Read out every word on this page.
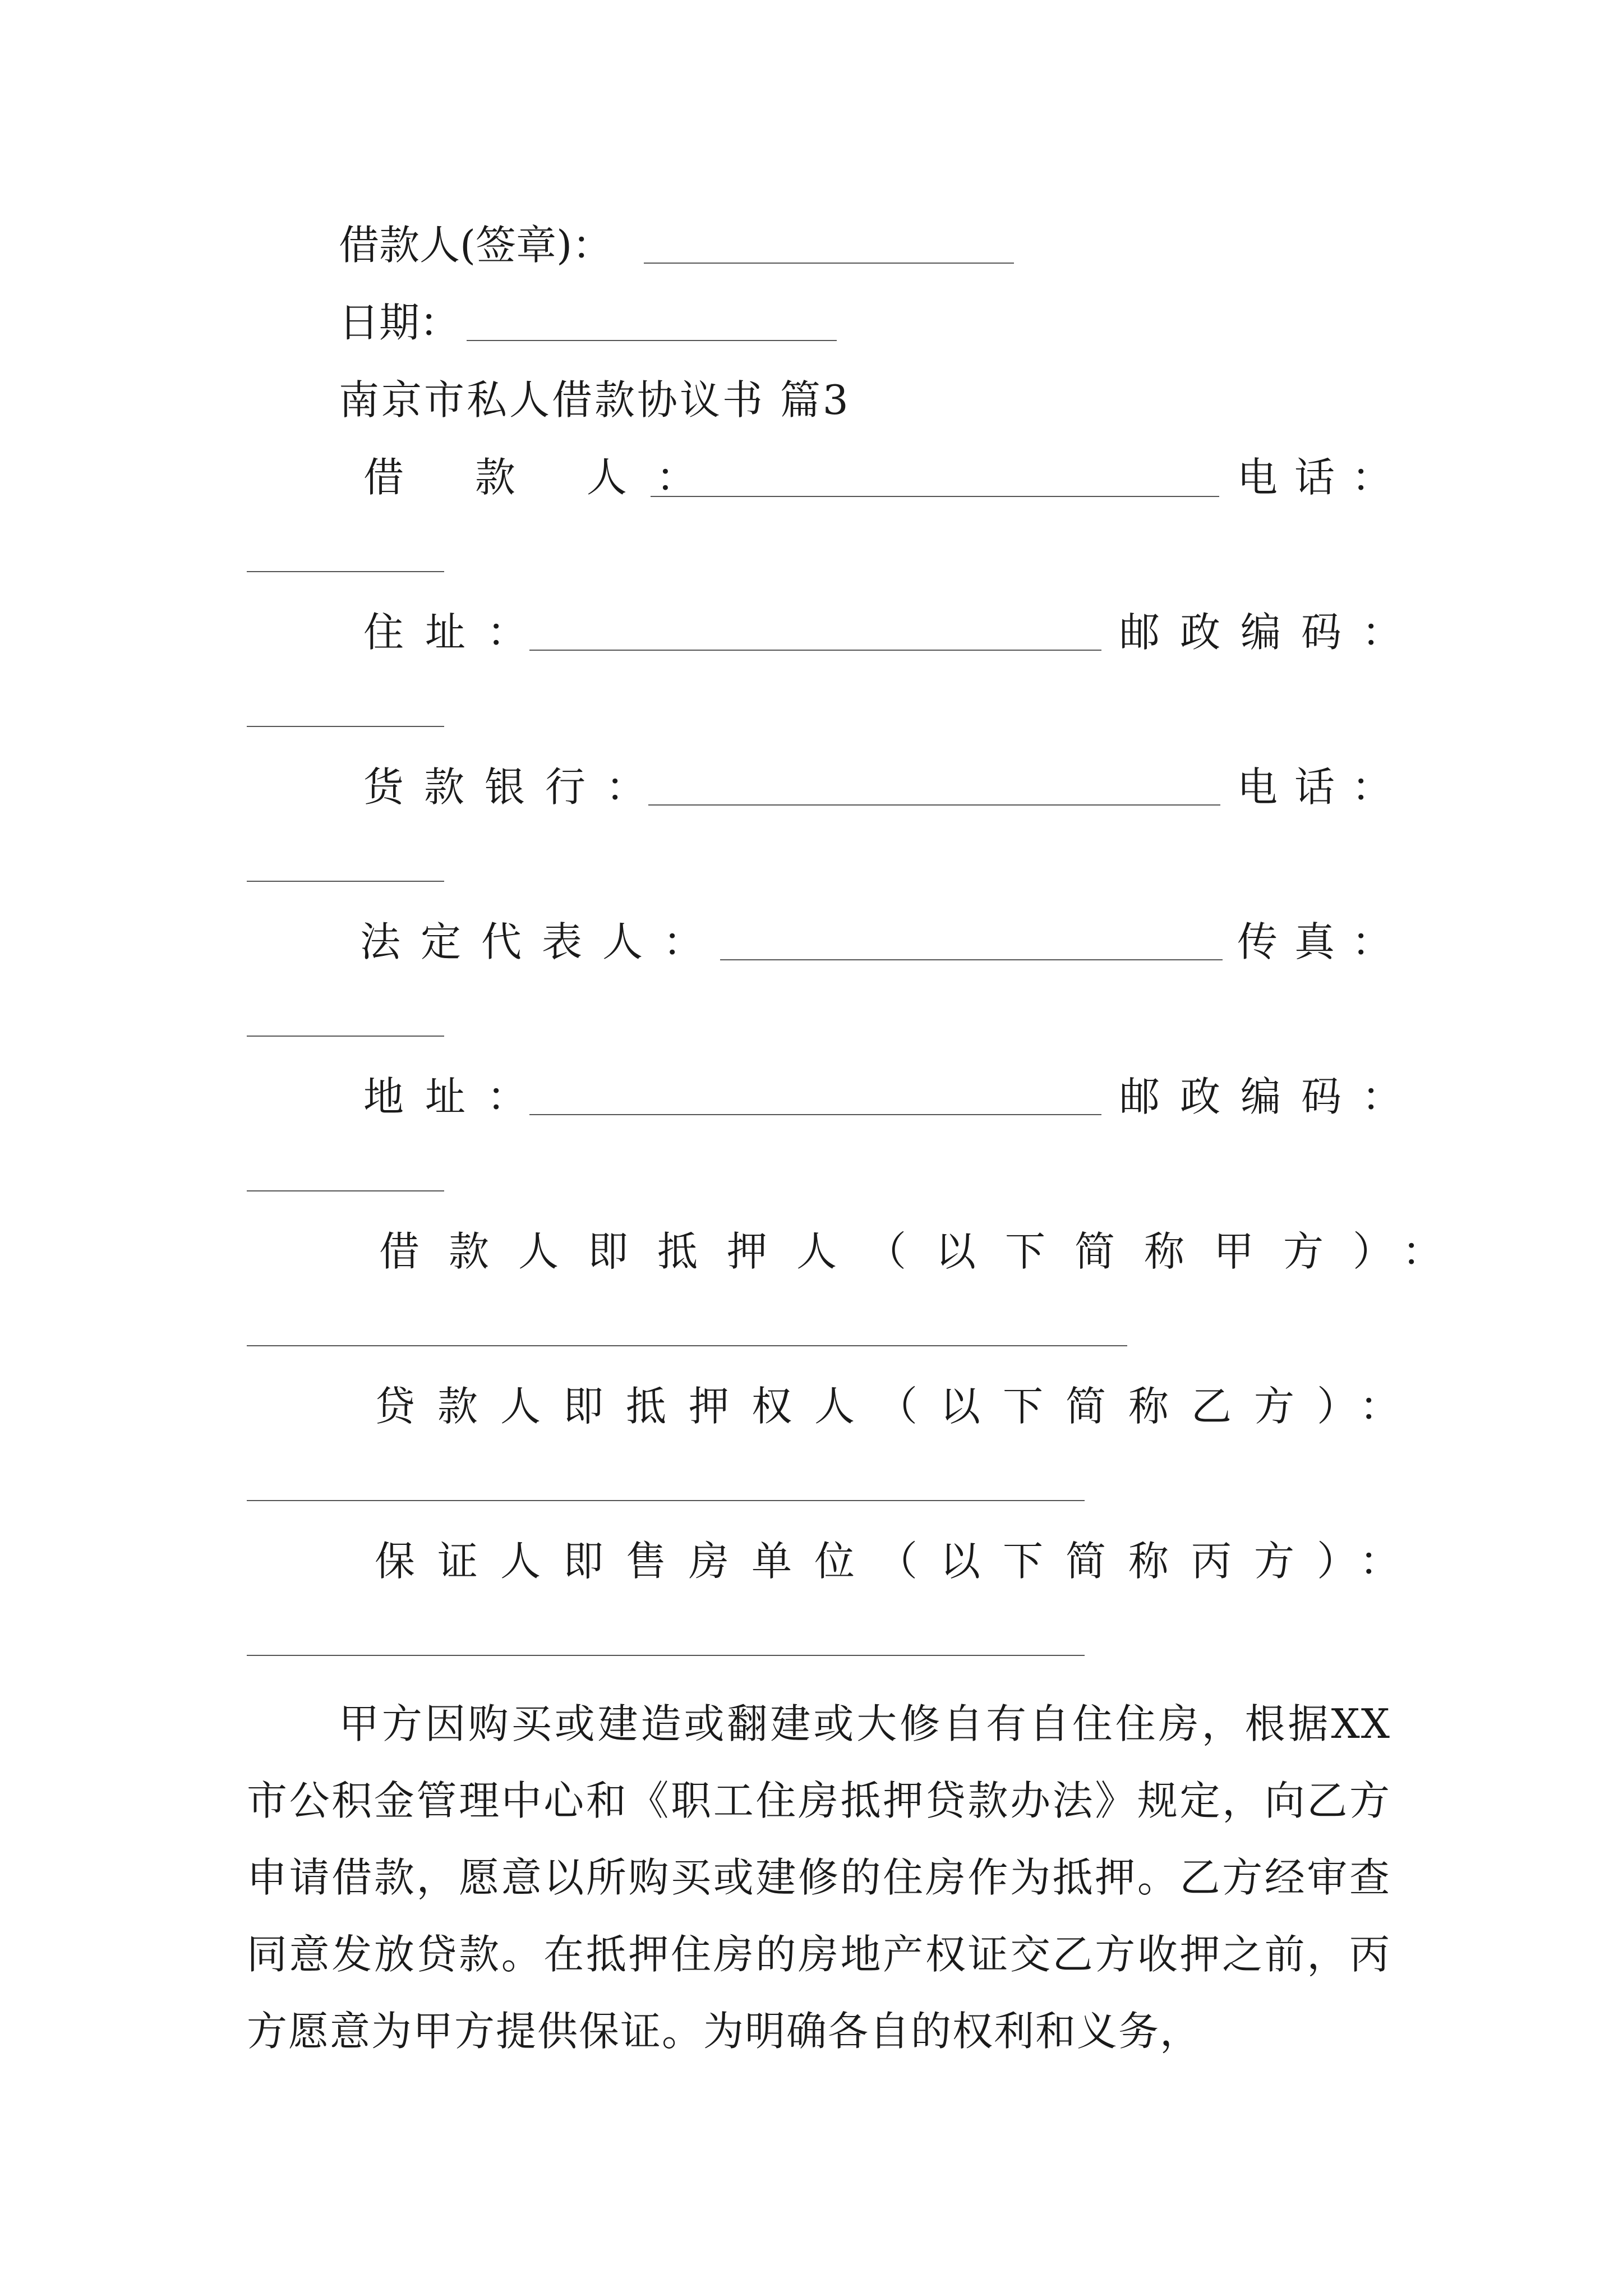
借款人(签章)：
日期：
南京市私人借款协议书 篇3
借 款 人：	电话：
住址：	邮政编码：
货款银行：	电话：
法定代表人：	传真：
地址：	邮政编码：
借款人即抵押人（以下简称甲方）：
贷款人即抵押权人（以下简称乙方）：
保证人即售房单位（以下简称丙方）：
甲方因购买或建造或翻建或大修自有自住住房，根据XX市公积金管理中心和《职工住房抵押贷款办法》规定，向乙方申请借款，愿意以所购买或建修的住房作为抵押。乙方经审查同意发放贷款。在抵押住房的房地产权证交乙方收押之前，丙方愿意为甲方提供保证。为明确各自的权利和义务，
